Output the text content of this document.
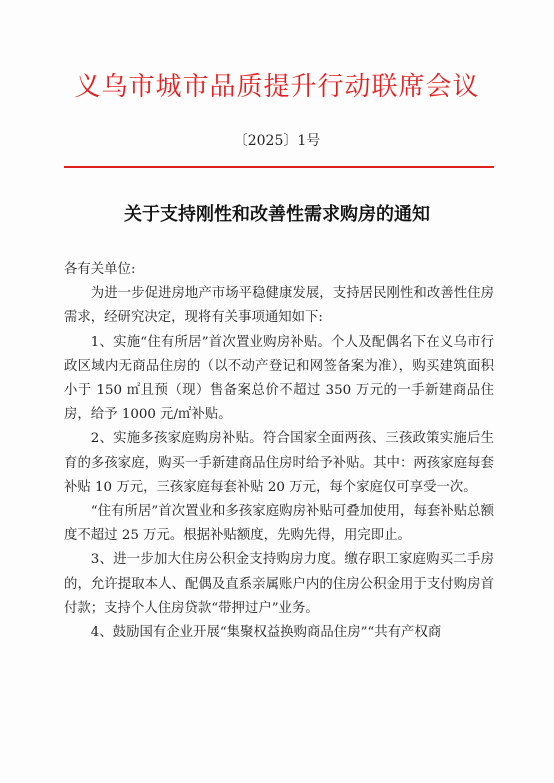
义乌市城市品质提升行动联席会议
〔2025〕1号
关于支持刚性和改善性需求购房的通知

各有关单位:

为进一步促进房地产市场平稳健康发展，支持居民刚性和改善性住房需求，经研究决定，现将有关事项通知如下:

1、实施“住有所居”首次置业购房补贴。个人及配偶名下在义乌市行政区域内无商品住房的（以不动产登记和网签备案为准），购买建筑面积小于 150 ㎡且预（现）售备案总价不超过 350 万元的一手新建商品住房，给予 1000 元/㎡补贴。

2、实施多孩家庭购房补贴。符合国家全面两孩、三孩政策实施后生育的多孩家庭，购买一手新建商品住房时给予补贴。其中：两孩家庭每套补贴 10 万元，三孩家庭每套补贴 20 万元，每个家庭仅可享受一次。

“住有所居”首次置业和多孩家庭购房补贴可叠加使用，每套补贴总额度不超过 25 万元。根据补贴额度，先购先得，用完即止。

3、进一步加大住房公积金支持购房力度。缴存职工家庭购买二手房的，允许提取本人、配偶及直系亲属账户内的住房公积金用于支付购房首付款；支持个人住房贷款“带押过户”业务。

4、鼓励国有企业开展“集聚权益换购商品住房”“共有产权商
